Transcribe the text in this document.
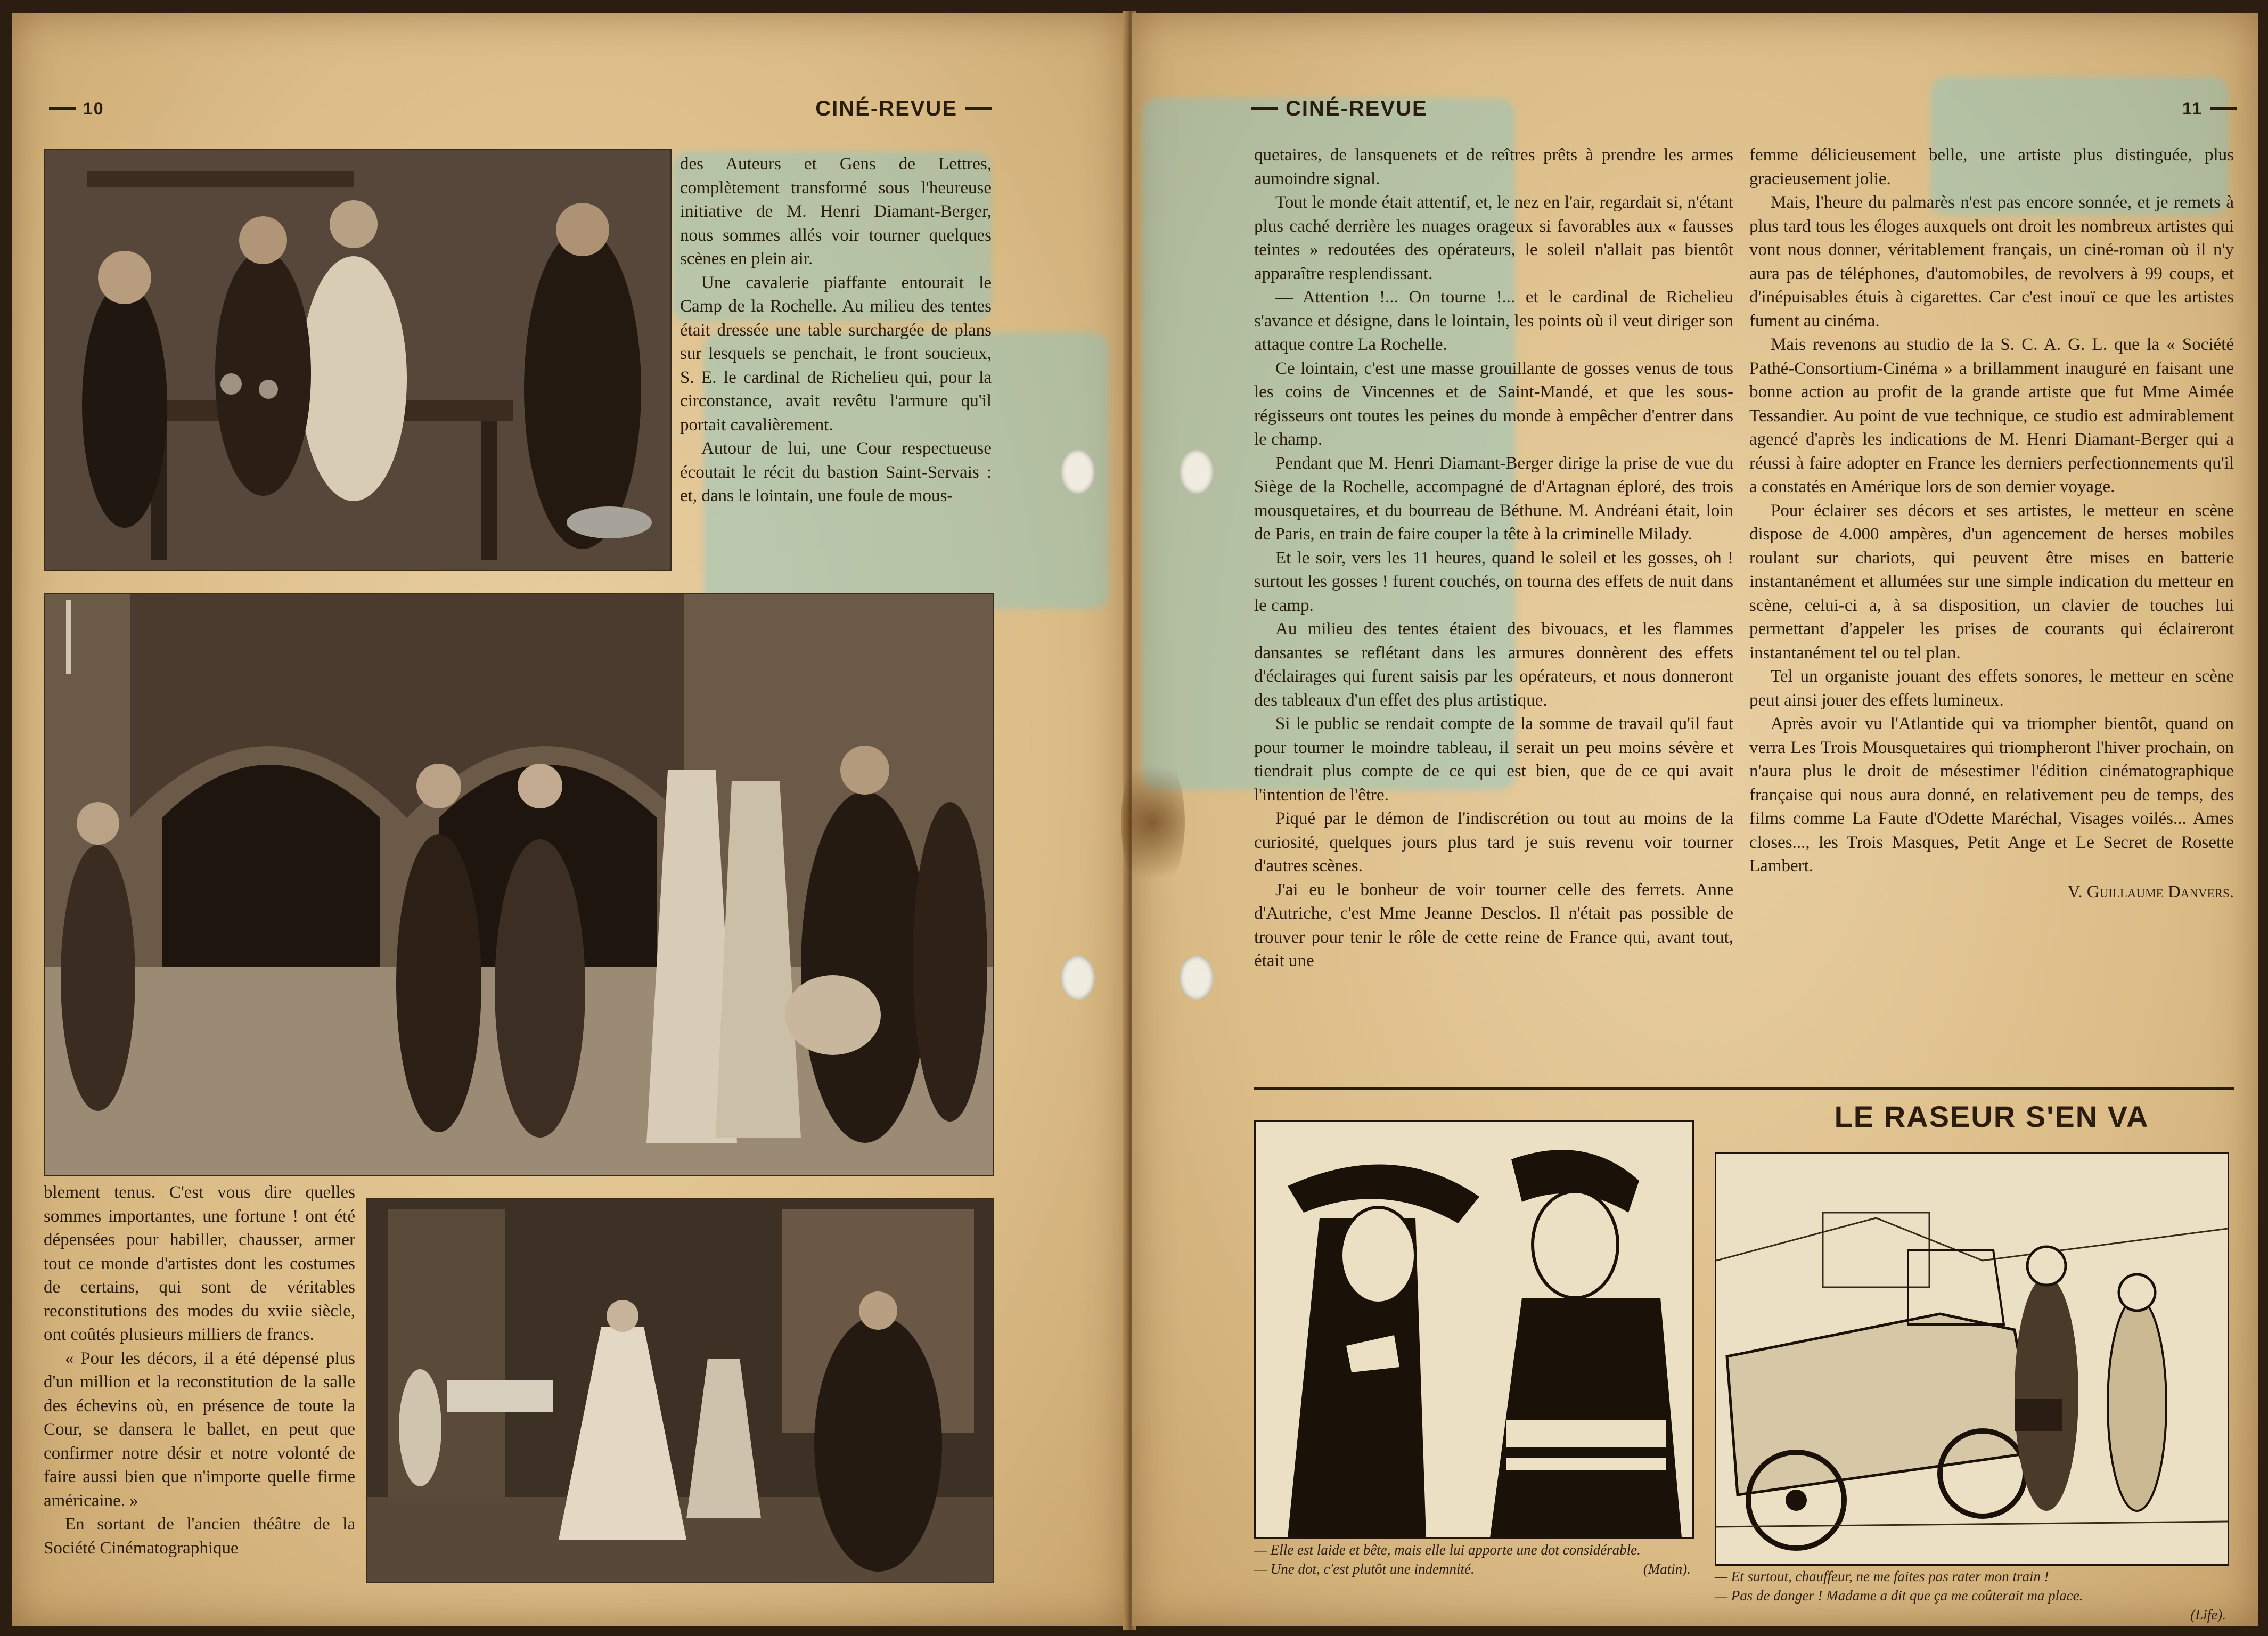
10	CINÉ-REVUE

des Auteurs et Gens de Lettres, complètement transformé sous l'heureuse initiative de M. Henri Diamant-Berger, nous sommes allés voir tourner quelques scènes en plein air.

Une cavalerie piaffante entourait le Camp de la Rochelle. Au milieu des tentes était dressée une table surchargée de plans sur lesquels se penchait, le front soucieux, S. E. le cardinal de Richelieu qui, pour la circonstance, avait revêtu l'armure qu'il portait cavalièrement.

Autour de lui, une Cour respectueuse écoutait le récit du bastion Saint-Servais : et, dans le lointain, une foule de mous-

blement tenus. C'est vous dire quelles sommes importantes, une fortune ! ont été dépensées pour habiller, chausser, armer tout ce monde d'artistes dont les costumes de certains, qui sont de véritables reconstitutions des modes du xviie siècle, ont coûtés plusieurs milliers de francs.

« Pour les décors, il a été dépensé plus d'un million et la reconstitution de la salle des échevins où, en présence de toute la Cour, se dansera le ballet, en peut que confirmer notre désir et notre volonté de faire aussi bien que n'importe quelle firme américaine. »

En sortant de l'ancien théâtre de la Société Cinématographique

CINÉ-REVUE	11

quetaires, de lansquenets et de reîtres prêts à prendre les armes aumoindre signal.

Tout le monde était attentif, et, le nez en l'air, regardait si, n'étant plus caché derrière les nuages orageux si favorables aux « fausses teintes » redoutées des opérateurs, le soleil n'allait pas bientôt apparaître resplendissant.

— Attention !... On tourne !... et le cardinal de Richelieu s'avance et désigne, dans le lointain, les points où il veut diriger son attaque contre La Rochelle.

Ce lointain, c'est une masse grouillante de gosses venus de tous les coins de Vincennes et de Saint-Mandé, et que les sous-régisseurs ont toutes les peines du monde à empêcher d'entrer dans le champ.

Pendant que M. Henri Diamant-Berger dirige la prise de vue du Siège de la Rochelle, accompagné de d'Artagnan éploré, des trois mousquetaires, et du bourreau de Béthune. M. Andréani était, loin de Paris, en train de faire couper la tête à la criminelle Milady.

Et le soir, vers les 11 heures, quand le soleil et les gosses, oh ! surtout les gosses ! furent couchés, on tourna des effets de nuit dans le camp.

Au milieu des tentes étaient des bivouacs, et les flammes dansantes se reflétant dans les armures donnèrent des effets d'éclairages qui furent saisis par les opérateurs, et nous donneront des tableaux d'un effet des plus artistique.

Si le public se rendait compte de la somme de travail qu'il faut pour tourner le moindre tableau, il serait un peu moins sévère et tiendrait plus compte de ce qui est bien, que de ce qui avait l'intention de l'être.

Piqué par le démon de l'indiscrétion ou tout au moins de la curiosité, quelques jours plus tard je suis revenu voir tourner d'autres scènes.

J'ai eu le bonheur de voir tourner celle des ferrets. Anne d'Autriche, c'est Mme Jeanne Desclos. Il n'était pas possible de trouver pour tenir le rôle de cette reine de France qui, avant tout, était une

femme délicieusement belle, une artiste plus distinguée, plus gracieusement jolie.

Mais, l'heure du palmarès n'est pas encore sonnée, et je remets à plus tard tous les éloges auxquels ont droit les nombreux artistes qui vont nous donner, véritablement français, un ciné-roman où il n'y aura pas de téléphones, d'automobiles, de revolvers à 99 coups, et d'inépuisables étuis à cigarettes. Car c'est inouï ce que les artistes fument au cinéma.

Mais revenons au studio de la S. C. A. G. L. que la « Société Pathé-Consortium-Cinéma » a brillamment inauguré en faisant une bonne action au profit de la grande artiste que fut Mme Aimée Tessandier. Au point de vue technique, ce studio est admirablement agencé d'après les indications de M. Henri Diamant-Berger qui a réussi à faire adopter en France les derniers perfectionnements qu'il a constatés en Amérique lors de son dernier voyage.

Pour éclairer ses décors et ses artistes, le metteur en scène dispose de 4.000 ampères, d'un agencement de herses mobiles roulant sur chariots, qui peuvent être mises en batterie instantanément et allumées sur une simple indication du metteur en scène, celui-ci a, à sa disposition, un clavier de touches lui permettant d'appeler les prises de courants qui éclaireront instantanément tel ou tel plan.

Tel un organiste jouant des effets sonores, le metteur en scène peut ainsi jouer des effets lumineux.

Après avoir vu l'Atlantide qui va triompher bientôt, quand on verra Les Trois Mousquetaires qui triompheront l'hiver prochain, on n'aura plus le droit de mésestimer l'édition cinématographique française qui nous aura donné, en relativement peu de temps, des films comme La Faute d'Odette Maréchal, Visages voilés... Ames closes..., les Trois Masques, Petit Ange et Le Secret de Rosette Lambert.

V. Guillaume Danvers.

— Elle est laide et bête, mais elle lui apporte une dot considérable.
— Une dot, c'est plutôt une indemnité.	(Matin).
LE RASEUR S'EN VA
— Et surtout, chauffeur, ne me faites pas rater mon train !
— Pas de danger ! Madame a dit que ça me coûterait ma place.
(Life).
